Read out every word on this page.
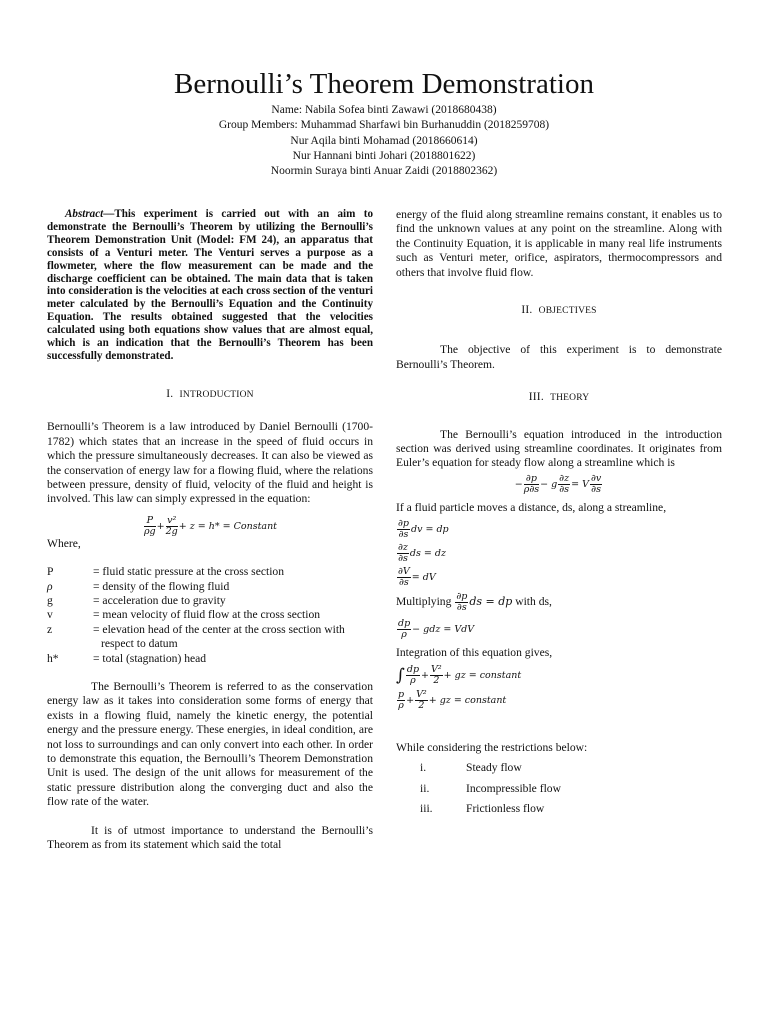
Bernoulli’s Theorem Demonstration
Name: Nabila Sofea binti Zawawi (2018680438)
Group Members: Muhammad Sharfawi bin Burhanuddin (2018259708)
Nur Aqila binti Mohamad (2018660614)
Nur Hannani binti Johari (2018801622)
Noormin Suraya binti Anuar Zaidi (2018802362)

Abstract—This experiment is carried out with an aim to demonstrate the Bernoulli’s Theorem by utilizing the Bernoulli’s Theorem Demonstration Unit (Model: FM 24), an apparatus that consists of a Venturi meter. The Venturi serves a purpose as a flowmeter, where the flow measurement can be made and the discharge coefficient can be obtained. The main data that is taken into consideration is the velocities at each cross section of the venturi meter calculated by the Bernoulli’s Equation and the Continuity Equation. The results obtained suggested that the velocities calculated using both equations show values that are almost equal, which is an indication that the Bernoulli’s Theorem has been successfully demonstrated.

I. INTRODUCTION

Bernoulli’s Theorem is a law introduced by Daniel Bernoulli (1700-1782) which states that an increase in the speed of fluid occurs in which the pressure simultaneously decreases. It can also be viewed as the conservation of energy law for a flowing fluid, where the relations between pressure, density of fluid, velocity of the fluid and height is involved. This law can simply expressed in the equation:

$\frac{P}{\rho g} + \frac{\text{v²}}{2g} + z = h*$ = Constant

Where,

P	= fluid static pressure at the cross section
ρ	= density of the flowing fluid
g	= acceleration due to gravity
v	= mean velocity of fluid flow at the cross section
z	= elevation head of the center at the cross section with
respect to datum
h*	= total (stagnation) head

The Bernoulli’s Theorem is referred to as the conservation energy law as it takes into consideration some forms of energy that exists in a flowing fluid, namely the kinetic energy, the potential energy and the pressure energy. These energies, in ideal condition, are not loss to surroundings and can only convert into each other. In order to demonstrate this equation, the Bernoulli’s Theorem Demonstration Unit is used. The design of the unit allows for measurement of the static pressure distribution along the converging duct and also the flow rate of the water.

It is of utmost importance to understand the Bernoulli’s Theorem as from its statement which said the total

energy of the fluid along streamline remains constant, it enables us to find the unknown values at any point on the streamline. Along with the Continuity Equation, it is applicable in many real life instruments such as Venturi meter, orifice, aspirators, thermocompressors and others that involve fluid flow.

II. OBJECTIVES

The objective of this experiment is to demonstrate Bernoulli’s Theorem.

III. THEORY

The Bernoulli’s equation introduced in the introduction section was derived using streamline coordinates. It originates from Euler’s equation for steady flow along a streamline which is

− $\frac{\partial p}{\rho\partial s} - g \frac{\partial z}{\partial s} = V \frac{\partial v}{\partial s}$

If a fluid particle moves a distance, ds, along a streamline,

$\frac{\partial p}{\partial s}$ dv = dp
$\frac{\partial z}{\partial s}$ ds = dz
$\frac{\partial V}{\partial s}$ = dV
Multiplying $\frac{\partial p}{\partial s}$ ds = dp with ds,
$\frac{dp}{\rho}$ − gdz = VdV

Integration of this equation gives,

∫ $\frac{dp}{\rho} + \frac{\text{V²}}{2}$ + gz = constant
$\frac{p}{\rho} + \frac{\text{V²}}{2}$ + gz = constant

While considering the restrictions below:

i.	Steady flow
ii.	Incompressible flow
iii.	Frictionless flow
